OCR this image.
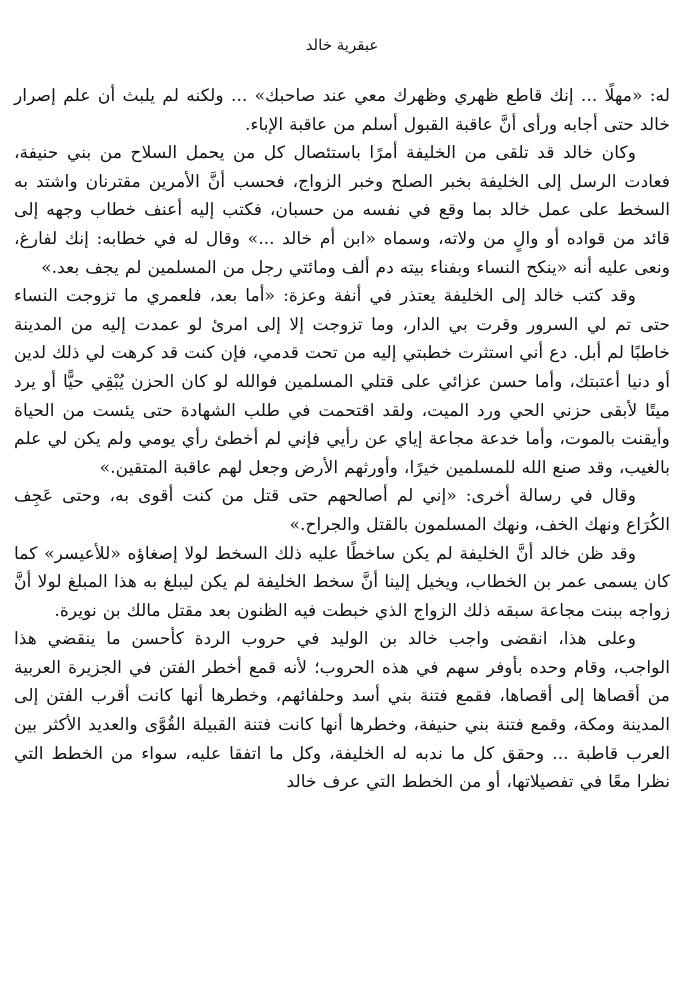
عبقرية خالد

له: «مهلًا ... إنك قاطع ظهري وظهرك معي عند صاحبك» ... ولكنه لم يلبث أن علم إصرار خالد حتى أجابه ورأى أنَّ عاقبة القبول أسلم من عاقبة الإباء.

وكان خالد قد تلقى من الخليفة أمرًا باستئصال كل من يحمل السلاح من بني حنيفة، فعادت الرسل إلى الخليفة بخبر الصلح وخبر الزواج، فحسب أنَّ الأمرين مقترنان واشتد به السخط على عمل خالد بما وقع في نفسه من حسبان، فكتب إليه أعنف خطاب وجهه إلى قائد من قواده أو والٍ من ولاته، وسماه «ابن أم خالد ...» وقال له في خطابه: إنك لفارغ، ونعى عليه أنه «ينكح النساء وبفناء بيته دم ألف ومائتي رجل من المسلمين لم يجف بعد.»

وقد كتب خالد إلى الخليفة يعتذر في أنفة وعزة: «أما بعد، فلعمري ما تزوجت النساء حتى تم لي السرور وقرت بي الدار، وما تزوجت إلا إلى امرئ لو عمدت إليه من المدينة خاطبًا لم أبل. دع أني استثرت خطبتي إليه من تحت قدمي، فإن كنت قد كرهت لي ذلك لدين أو دنيا أعتبتك، وأما حسن عزائي على قتلي المسلمين فوالله لو كان الحزن يُبْقِي حيًّا أو يرد ميتًا لأبقى حزني الحي ورد الميت، ولقد اقتحمت في طلب الشهادة حتى يئست من الحياة وأيقنت بالموت، وأما خدعة مجاعة إياي عن رأيي فإني لم أخطئ رأي يومي ولم يكن لي علم بالغيب، وقد صنع الله للمسلمين خيرًا، وأورثهم الأرض وجعل لهم عاقبة المتقين.»

وقال في رسالة أخرى: «إني لم أصالحهم حتى قتل من كنت أقوى به، وحتى عَجِف الكُرَاع ونهك الخف، ونهك المسلمون بالقتل والجراح.»

وقد ظن خالد أنَّ الخليفة لم يكن ساخطًا عليه ذلك السخط لولا إصغاؤه «للأعيسر» كما كان يسمى عمر بن الخطاب، ويخيل إلينا أنَّ سخط الخليفة لم يكن ليبلغ به هذا المبلغ لولا أنَّ زواجه ببنت مجاعة سبقه ذلك الزواج الذي خبطت فيه الظنون بعد مقتل مالك بن نويرة.

وعلى هذا، انقضى واجب خالد بن الوليد في حروب الردة كأحسن ما ينقضي هذا الواجب، وقام وحده بأوفر سهم في هذه الحروب؛ لأنه قمع أخطر الفتن في الجزيرة العربية من أقصاها إلى أقصاها، فقمع فتنة بني أسد وحلفائهم، وخطرها أنها كانت أقرب الفتن إلى المدينة ومكة، وقمع فتنة بني حنيفة، وخطرها أنها كانت فتنة القبيلة القُوَّى والعديد الأكثر بين العرب قاطبة ... وحقق كل ما ندبه له الخليفة، وكل ما اتفقا عليه، سواء من الخطط التي نظرا معًا في تفصيلاتها، أو من الخطط التي عرف خالد
